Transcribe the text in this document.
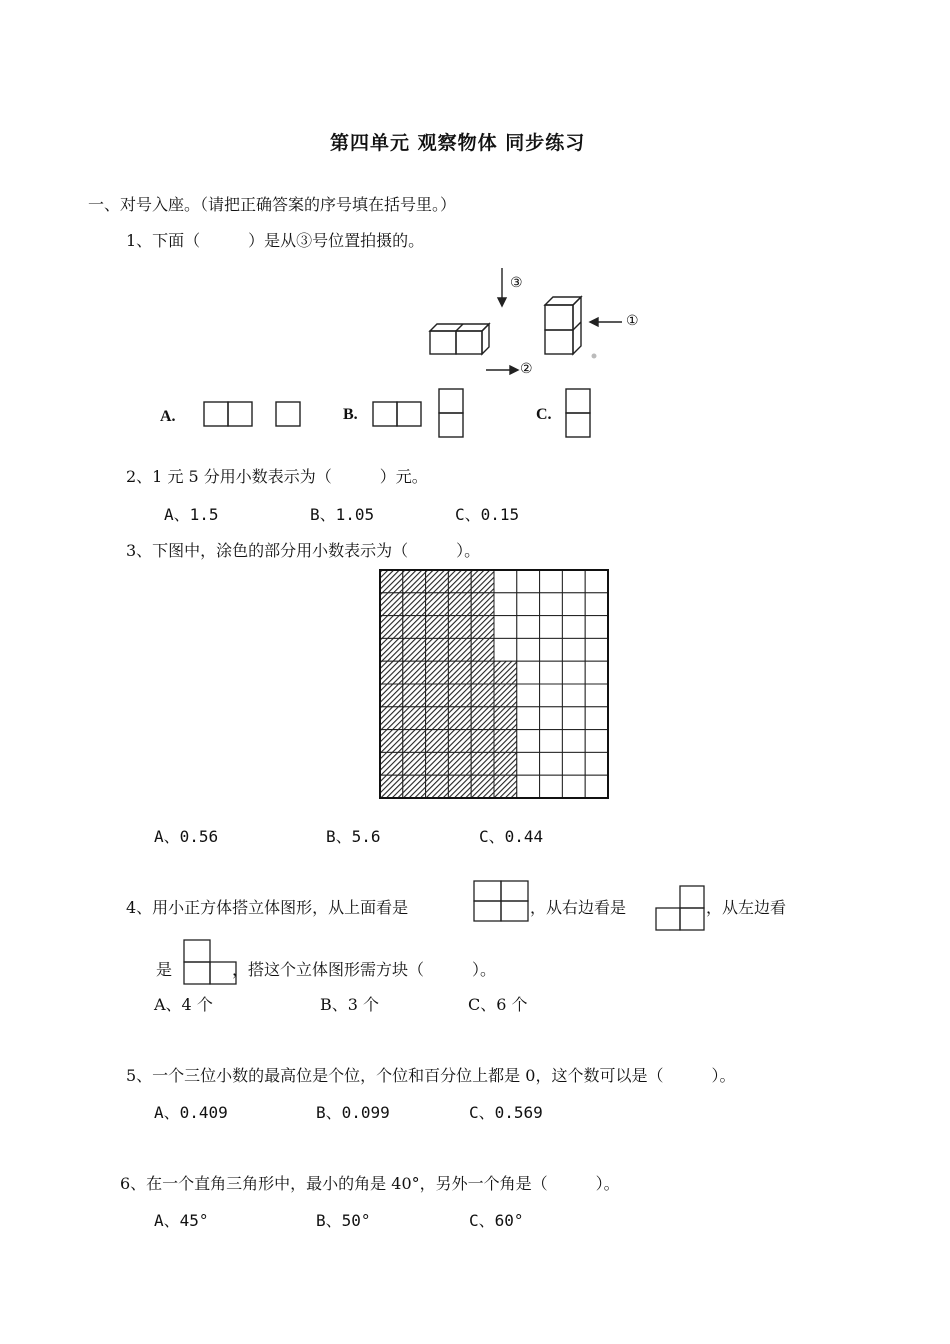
第四单元 观察物体 同步练习
一、对号入座。（请把正确答案的序号填在括号里。）
1、下面（　　　）是从③号位置拍摄的。
③
①
②
A.	B.	C.
2、1 元 5 分用小数表示为（　　　）元。
A、1.5	B、1.05	C、0.15
3、下图中，涂色的部分用小数表示为（　　　）。
A、0.56	B、5.6	C、0.44
4、用小正方体搭立体图形，从上面看是	，从右边看是	，从左边看
是	，搭这个立体图形需方块（　　　）。
A、4 个	B、3 个	C、6 个
5、一个三位小数的最高位是个位，个位和百分位上都是 0，这个数可以是（　　　）。
A、0.409	B、0.099	C、0.569
6、在一个直角三角形中，最小的角是 40°，另外一个角是（　　　）。
A、45°	B、50°	C、60°
